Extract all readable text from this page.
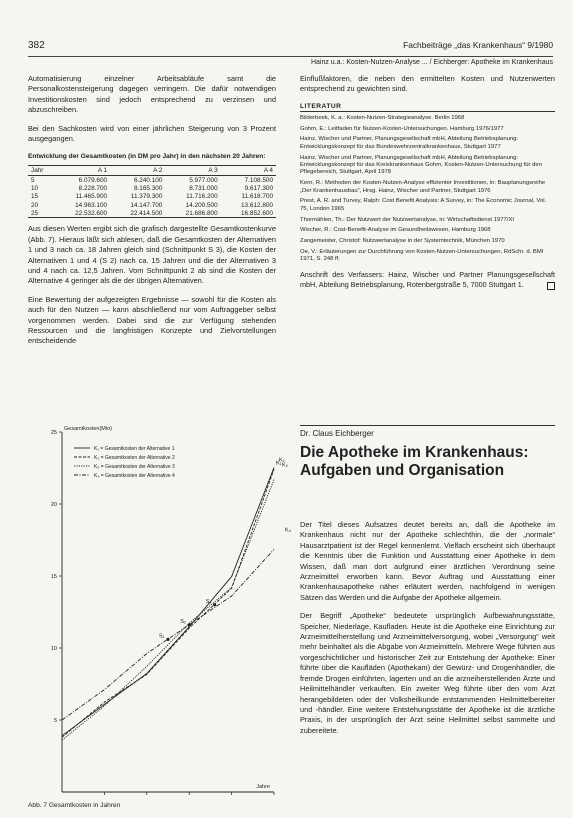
382	Fachbeiträge „das Krankenhaus“ 9/1980
Hainz u.a.: Kosten-Nutzen-Analyse ... / Eichberger: Apotheke im Krankenhaus

Automatisierung einzelner Arbeitsabläufe samt die Personalkostensteigerung dagegen verringern. Die dafür notwendigen Investitionskosten sind jedoch entsprechend zu verzinsen und abzuschreiben.

Bei den Sachkosten wird von einer jährlichen Steigerung von 3 Prozent ausgegangen.

Entwicklung der Gesamtkosten (in DM pro Jahr) in den nächsten 20 Jahren:
Jahr	A 1	A 2	A 3	A 4
5	6.079.600	6.240.100	5.977.000	7.108.500
10	8.228.700	8.165.300	8.731.000	9.617.300
15	11.465.900	11.379.300	11.716.200	11.618.700
20	14.963.100	14.147.700	14.200.500	13.612.800
25	22.532.600	22.414.500	21.686.800	16.852.600

Aus diesen Werten ergibt sich die grafisch dargestellte Gesamtkostenkurve (Abb. 7). Hieraus läßt sich ablesen, daß die Gesamtkosten der Alternativen 1 und 3 nach ca. 18 Jahren gleich sind (Schnittpunkt S 3), die Kosten der Alternativen 1 und 4 (S 2) nach ca. 15 Jahren und die der Alternativen 3 und 4 nach ca. 12,5 Jahren. Vom Schnittpunkt 2 ab sind die Kosten der Alternative 4 geringer als die der übrigen Alternativen.

Eine Bewertung der aufgezeigten Ergebnisse — sowohl für die Kosten als auch für den Nutzen — kann abschließend nur vom Auftraggeber selbst vorgenommen werden. Dabei sind die zur Verfügung stehenden Ressourcen und die langfristigen Konzepte und Zielvorstellungen entscheidende

Einflußfaktoren, die neben den ermittelten Kosten und Nutzenwerten entsprechend zu gewichten sind.

LITERATUR

Bilderbeek, K. a.: Kosten-Nutzen-Strategieanalyse. Berlin 1968

Gohm, E.: Leitfaden für Nutzen-Kosten-Untersuchungen. Hamburg 1976/1977

Hainz, Wischer und Partner, Planungsgesellschaft mbH, Abteilung Betriebsplanung: Entwicklungskonzept für das Bundeswehrzentralkrankenhaus, Stuttgart 1977

Hainz, Wischer und Partner, Planungsgesellschaft mbH, Abteilung Betriebsplanung: Entwicklungskonzept für das Kreiskrankenhaus Gohm, Kosten-Nutzen-Untersuchung für den Pflegebereich, Stuttgart, April 1978

Kern, R.: Methoden der Kosten-Nutzen-Analyse effizienter Investitionen, in: Bauplanungsreihe „Der Krankenhausbau“, Hrsg. Hainz, Wischer und Partner, Stuttgart 1976

Prest, A. R. and Turvey, Ralph: Cost Benefit Analysis: A Survey, in: The Economic Journal, Vol. 75, London 1965

Thormählen, Th.: Der Nutzwert der Nutzwertanalyse, in: Wirtschaftsdienst 1977/XI

Wischer, R.: Cost-Benefit-Analyse im Gesundheitswesen, Hamburg 1968

Zangemeister, Christof: Nutzwertanalyse in der Systemtechnik, München 1970

Oe, V.: Erläuterungen zur Durchführung von Kosten-Nutzen-Untersuchungen, RdSchr. d. BMI 1971, S. 248 ff.

Anschrift des Verfassers: Hainz, Wischer und Partner Planungsgesellschaft mbH, Abteilung Betriebsplanung, Rotenbergstraße 5, 7000 Stuttgart 1.

Dr. Claus Eichberger
Die Apotheke im Krankenhaus: Aufgaben und Organisation

Der Titel dieses Aufsatzes deutet bereits an, daß die Apotheke im Krankenhaus nicht nur der Apotheke schlechthin, die der „normale“ Hausarztpatient ist der Regel kennenlernt. Vielfach erscheint sich überhaupt die Kenntnis über die Funktion und Ausstattung einer Apotheke in dem Wissen, daß man dort aufgrund einer ärztlichen Verordnung seine Arzneimittel erworben kann. Bevor Auftrag und Ausstattung einer Krankenhausapotheke näher erläutert werden, nachfolgend in wenigen Sätzen das Werden und die Aufgabe der Apotheke allgemein.

Der Begriff „Apotheke“ bedeutete ursprünglich Aufbewahrungsstätte, Speicher, Niederlage, Kaufladen. Heute ist die Apotheke eine Einrichtung zur Arzneimittelherstellung und Arzneimittelversorgung, wobei „Versorgung“ weit mehr beinhaltet als die Abgabe von Arzneimitteln. Mehrere Wege führten aus vorgeschichtlicher und historischer Zeit zur Entstehung der Apotheke: Einer führte über die Kaufläden (Apothekam) der Gewürz- und Drogenhändler, die fremde Drogen einführten, lagerten und an die arzneiherstellenden Ärzte und Heilmittelhändler verkauften. Ein zweiter Weg führte über den vom Arzt herangebildeten oder der Volksheilkunde entstammenden Heilmittelbereiter und -händler. Eine weitere Entstehungsstätte der Apotheke ist die ärztliche Praxis, in der ursprünglich der Arzt seine Heilmittel selbst sammelte und zubereitete.

Gesamtkosten(Mio)
5
10
15
20
25
K₁
K₂
K₃
K₄
S₁
S₂
S₃
K₁ = Gesamtkosten der Alternative 1
K₂ = Gesamtkosten der Alternative 2
K₃ = Gesamtkosten der Alternative 3
K₄ = Gesamtkosten der Alternative 4
Jahre
Abb. 7 Gesamtkosten in Jahren
